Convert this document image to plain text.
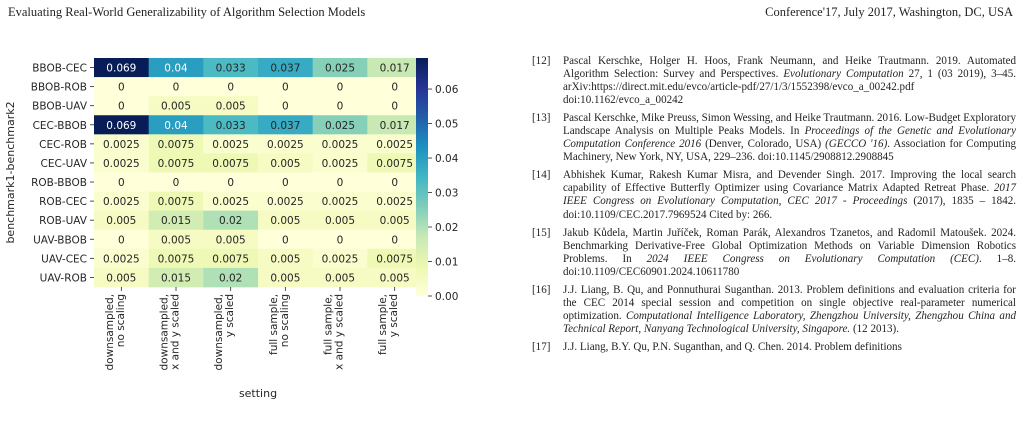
Evaluating Real-World Generalizability of Algorithm Selection Models	Conference'17, July 2017, Washington, DC, USA
0.069	0.04	0.033 0.037 0.025 0.017
BBOB-CEC
0	0	0	0	0	0
BBOB-ROB
0	0.005 0.005	0	0	0
BBOB-UAV
0.069	0.04	0.033 0.037 0.025 0.017
CEC-BBOB
0.0025 0.0075 0.0025 0.0025 0.0025 0.0025
CEC-ROB
0.0025 0.0075 0.0075 0.005 0.0025 0.0075
CEC-UAV
0	0	0	0	0	0
ROB-BBOB
0.0025 0.0075 0.0025 0.0025 0.0025 0.0025
ROB-CEC
0.005 0.015	0.02	0.005 0.005 0.005
ROB-UAV
0	0.005 0.005	0	0	0
UAV-BBOB
0.0025 0.0075 0.0075 0.005 0.0025 0.0075
UAV-CEC
0.005 0.015	0.02	0.005 0.005 0.005
UAV-ROB
downsampled, no scaling	downsampled, x and y scaled	downsampled, y scaled	full sample, no scaling	full sample, x and y scaled	full sample, y scaled
setting
benchmark1-benchmark2
0.00
0.01
0.02
0.03
0.04
0.05
0.06
[12] Pascal Kerschke, Holger H. Hoos, Frank Neumann, and Heike Trautmann. 2019. Automated Algorithm Selection: Survey and Perspectives. Evolutionary Computation 27, 1 (03 2019), 3–45. arXiv:https://direct.mit.edu/evco/article-pdf/27/1/3/1552398/evco_a_00242.pdf doi:10.1162/evco_a_00242
[13] Pascal Kerschke, Mike Preuss, Simon Wessing, and Heike Trautmann. 2016. Low-Budget Exploratory Landscape Analysis on Multiple Peaks Models. In Proceedings of the Genetic and Evolutionary Computation Conference 2016 (Denver, Colorado, USA) (GECCO '16). Association for Computing Machinery, New York, NY, USA, 229–236. doi:10.1145/2908812.2908845
[14] Abhishek Kumar, Rakesh Kumar Misra, and Devender Singh. 2017. Improving the local search capability of Effective Butterfly Optimizer using Covariance Matrix Adapted Retreat Phase. 2017 IEEE Congress on Evolutionary Computation, CEC 2017 - Proceedings (2017), 1835 – 1842. doi:10.1109/CEC.2017.7969524 Cited by: 266.
[15] Jakub Kůdela, Martin Juříček, Roman Parák, Alexandros Tzanetos, and Radomil Matoušek. 2024. Benchmarking Derivative-Free Global Optimization Methods on Variable Dimension Robotics Problems. In 2024 IEEE Congress on Evolutionary Computation (CEC). 1–8. doi:10.1109/CEC60901.2024.10611780
[16] J.J. Liang, B. Qu, and Ponnuthurai Suganthan. 2013. Problem definitions and evaluation criteria for the CEC 2014 special session and competition on single objective real-parameter numerical optimization. Computational Intelligence Laboratory, Zhengzhou University, Zhengzhou China and Technical Report, Nanyang Technological University, Singapore. (12 2013).
[17] J.J. Liang, B.Y. Qu, P.N. Suganthan, and Q. Chen. 2014. Problem definitions
